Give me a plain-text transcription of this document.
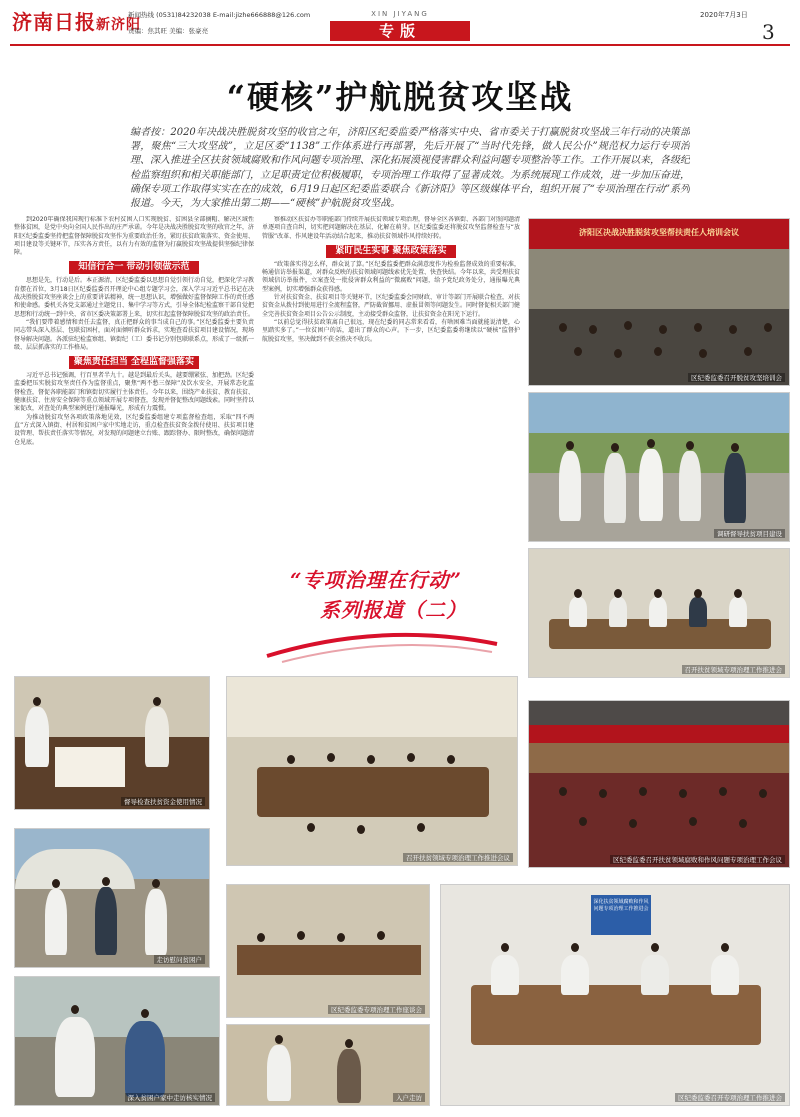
济南日报新济阳
新闻热线 (0531)84232038 E-mail:jizhe666888@126.com
责编：焦其旺 美编：张豪亮
XIN JIYANG
专版
2020年7月3日
3
“硬核”护航脱贫攻坚战
编者按：2020年决战决胜脱贫攻坚的收官之年，济阳区纪委监委严格落实中央、省市委关于打赢脱贫攻坚战三年行动的决策部署，聚焦“三大攻坚战”，立足区委“1138”工作体系进行再部署，先后开展了“当时代先锋，做人民公仆”规范权力运行专项治理、深入推进全区扶贫领域腐败和作风问题专项治理、深化拓展漠视侵害群众利益问题专项整治等工作。工作开展以来，各级纪检监察组织和相关职能部门，立足职责定位积极履职，专项治理工作取得了显著成效。为系统展现工作成效，进一步加压奋进，确保专项工作取得实实在在的成效，6月19日起区纪委监委联合《新济阳》等区级媒体平台，组织开展了“专项治理在行动”系列报道。今天，为大家推出第二期——“硬核”护航脱贫攻坚战。

到2020年确保我国现行标准下农村贫困人口实现脱贫、贫困县全部摘帽、解决区域性整体贫困，是党中央向全国人民作出的庄严承诺。今年是决战决胜脱贫攻坚的收官之年，济阳区纪委监委坚持把监督保障脱贫攻坚作为重要政治任务，紧盯扶贫政策落实、资金使用、项目建设等关键环节，压实各方责任，以有力有效的监督为打赢脱贫攻坚战提供坚强纪律保障。

知信行合一 带动引领做示范

思想是先，行动是后。本正源清，区纪委监委以思想自觉引领行动自觉，把深化学习教育摆在首位，3月18日区纪委监委召开理论中心组专题学习会，深入学习习近平总书记在决战决胜脱贫攻坚座谈会上的重要讲话精神，统一思想认识，增强做好监督保障工作的责任感和使命感。委机关各党支部通过主题党日、集中学习等方式，引导全体纪检监察干部自觉把思想和行动统一到中央、省市区委决策部署上来，切实扛起监督保障脱贫攻坚的政治责任。

“我们要带着感情和责任去监督，真正把群众的事当成自己的事。”区纪委监委主要负责同志带头深入基层、包联贫困村，面对面倾听群众诉求，实地查看扶贫项目建设情况，现场督导解决问题。各派驻纪检监察组、镇街纪（工）委书记分别包联联系点，形成了一级抓一级、层层抓落实的工作格局。

聚焦责任担当 全程监督强落实

习近平总书记强调，行百里者半九十。越是到最后关头，越要绷紧弦、加把劲。区纪委监委把压实脱贫攻坚责任作为监督重点，聚焦“两不愁三保障”及饮水安全，开展常态化监督检查，督促各职能部门和镇街切实履行主体责任。今年以来，围绕产业扶贫、教育扶贫、健康扶贫、住房安全保障等重点领域开展专项督查，发现并督促整改问题线索。同时坚持以案促改，对查处的典型案例进行通报曝光，形成有力震慑。

为推动脱贫攻坚各项政策落地见效，区纪委监委组建专项监督检查组，采取“四不两直”方式深入镇街、村居和贫困户家中实地走访，重点检查扶贫资金拨付使用、扶贫项目建设管理、帮扶责任落实等情况，对发现的问题建立台账、跟踪督办、限时整改，确保问题清仓见底。

察推动区扶贫办等职能部门持续开展扶贫领域专项治理，督导全区各镇街、各部门对照问题清单逐项自查自纠，切实把问题解决在基层、化解在萌芽。区纪委监委还将脱贫攻坚监督检查与“放管服”改革、作风建设年活动结合起来，推动扶贫领域作风持续好转。

紧盯民生实事 聚焦政策落实

“政策落实得怎么样，群众说了算。”区纪委监委把群众满意度作为检验监督成效的重要标准，畅通信访举报渠道，对群众反映的扶贫领域问题线索优先处置、快查快结。今年以来，共受理扶贫领域信访举报件，立案查处一批侵害群众利益的“微腐败”问题，给予党纪政务处分，通报曝光典型案例，切实增强群众获得感。

针对扶贫资金、扶贫项目等关键环节，区纪委监委会同财政、审计等部门开展联合检查，对扶贫资金从拨付到使用进行全流程监督，严防截留挪用、虚报冒领等问题发生。同时督促相关部门健全完善扶贫资金项目公告公示制度，主动接受群众监督，让扶贫资金在阳光下运行。

“以前总觉得扶贫政策离自己很远，现在纪委的同志常来看看，有啥困难当面就能说清楚，心里踏实多了。”一位贫困户的话，道出了群众的心声。下一步，区纪委监委将继续以“硬核”监督护航脱贫攻坚，坚决做到不获全胜决不收兵。

“专项治理在行动”
系列报道（二）
济阳区决战决胜脱贫攻坚帮扶责任人培训会议
区纪委监委召开脱贫攻坚培训会
调研督导扶贫项目建设
召开扶贫领域专项治理工作推进会
督导检查扶贫资金使用情况
召开扶贫领域专项治理工作推进会议	区纪委监委召开扶贫领域腐败和作风问题专项治理工作会议
走访慰问贫困户
区纪委监委专项治理工作座谈会
深化扶贫领域腐败和作风问题专项治理工作推进会
区纪委监委召开专项治理工作推进会
深入贫困户家中走访核实情况	入户走访
